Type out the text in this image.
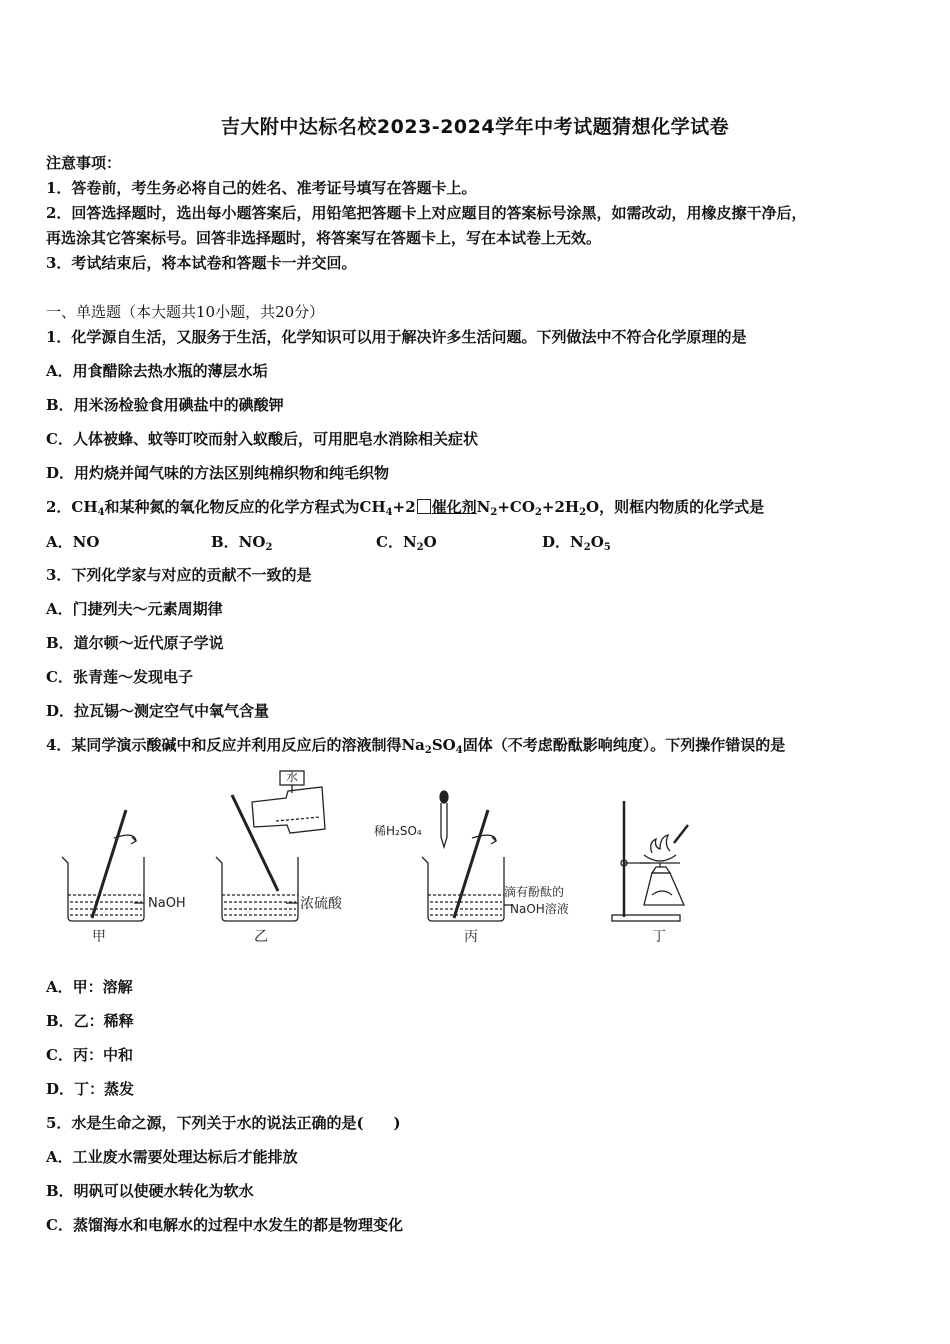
吉大附中达标名校2023-2024学年中考试题猜想化学试卷
注意事项：
1．答卷前，考生务必将自己的姓名、准考证号填写在答题卡上。
2．回答选择题时，选出每小题答案后，用铅笔把答题卡上对应题目的答案标号涂黑，如需改动，用橡皮擦干净后，
再选涂其它答案标号。回答非选择题时，将答案写在答题卡上，写在本试卷上无效。
3．考试结束后，将本试卷和答题卡一并交回。
一、单选题（本大题共10小题，共20分）
1．化学源自生活，又服务于生活，化学知识可以用于解决许多生活问题。下列做法中不符合化学原理的是
A．用食醋除去热水瓶的薄层水垢
B．用米汤检验食用碘盐中的碘酸钾
C．人体被蜂、蚊等叮咬而射入蚁酸后，可用肥皂水消除相关症状
D．用灼烧并闻气味的方法区别纯棉织物和纯毛织物
2．$CH_4$和某种氮的氧化物反应的化学方程式为$CH_4+2$ 催化剂$N_2+CO_2+2H_2O$，则框内物质的化学式是
A．NO	B．$NO_2$	C．$N_2O$	D．$N_2O_5$
3．下列化学家与对应的贡献不一致的是
A．门捷列夫～元素周期律
B．道尔顿～近代原子学说
C．张青莲～发现电子
D．拉瓦锡～测定空气中氧气含量
4．某同学演示酸碱中和反应并利用反应后的溶液制得$Na_2SO_4$固体（不考虑酚酞影响纯度）。下列操作错误的是
NaOH
水
浓硫酸
稀H₂SO₄
滴有酚酞的
NaOH溶液
甲	乙	丙	丁
A．甲：溶解
B．乙：稀释
C．丙：中和
D．丁：蒸发
5．水是生命之源，下列关于水的说法正确的是(　　)
A．工业废水需要处理达标后才能排放
B．明矾可以使硬水转化为软水
C．蒸馏海水和电解水的过程中水发生的都是物理变化
